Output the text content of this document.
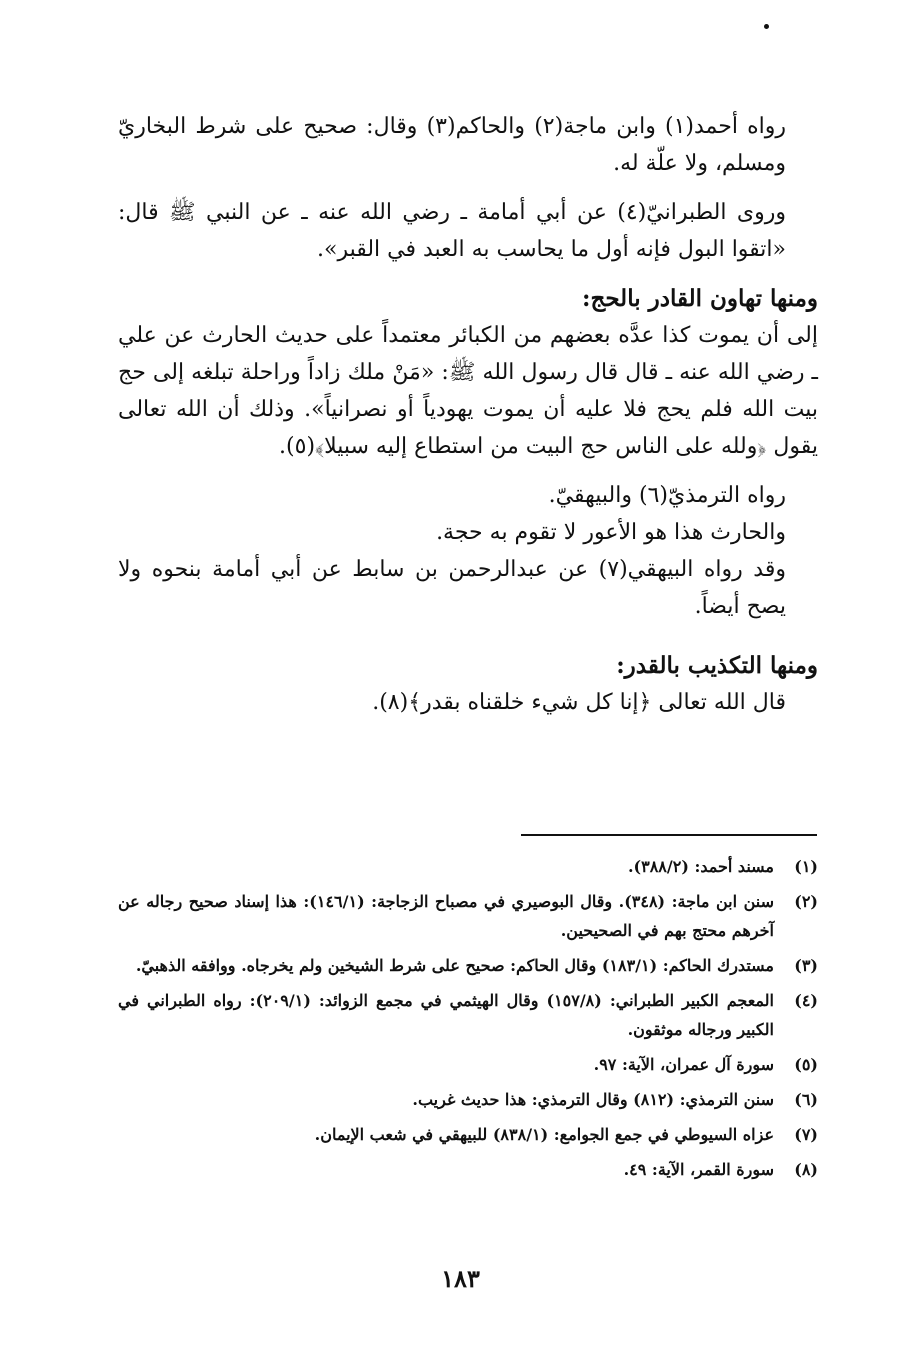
رواه أحمد(١) وابن ماجة(٢) والحاكم(٣) وقال: صحيح على شرط البخاريّ ومسلم، ولا علّة له.

وروى الطبرانيّ(٤) عن أبي أمامة ـ رضي الله عنه ـ عن النبي ﷺ قال: «اتقوا البول فإنه أول ما يحاسب به العبد في القبر».

ومنها تهاون القادر بالحج:

إلى أن يموت كذا عدَّه بعضهم من الكبائر معتمداً على حديث الحارث عن علي ـ رضي الله عنه ـ قال قال رسول الله ﷺ: «مَنْ ملك زاداً وراحلة تبلغه إلى حج بيت الله فلم يحج فلا عليه أن يموت يهودياً أو نصرانياً». وذلك أن الله تعالى يقول ﴿ولله على الناس حج البيت من استطاع إليه سبيلا﴾(٥).

رواه الترمذيّ(٦) والبيهقيّ.

والحارث هذا هو الأعور لا تقوم به حجة.

وقد رواه البيهقي(٧) عن عبدالرحمن بن سابط عن أبي أمامة بنحوه ولا يصح أيضاً.

ومنها التكذيب بالقدر:

قال الله تعالى ﴿إنا كل شيء خلقناه بقدر﴾(٨).

(١)
مسند أحمد: (٣٨٨/٢).
(٢)
سنن ابن ماجة: (٣٤٨). وقال البوصيري في مصباح الزجاجة: (١٤٦/١): هذا إسناد صحيح رجاله عن آخرهم محتج بهم في الصحيحين.
(٣)
مستدرك الحاكم: (١٨٣/١) وقال الحاكم: صحيح على شرط الشيخين ولم يخرجاه. ووافقه الذهبيّ.
(٤)
المعجم الكبير الطبراني: (١٥٧/٨) وقال الهيثمي في مجمع الزوائد: (٢٠٩/١): رواه الطبراني في الكبير ورجاله موثقون.
(٥)
سورة آل عمران، الآية: ٩٧.
(٦)
سنن الترمذي: (٨١٢) وقال الترمذي: هذا حديث غريب.
(٧)
عزاه السيوطي في جمع الجوامع: (٨٣٨/١) للبيهقي في شعب الإيمان.
(٨)
سورة القمر، الآية: ٤٩.
١٨٣
